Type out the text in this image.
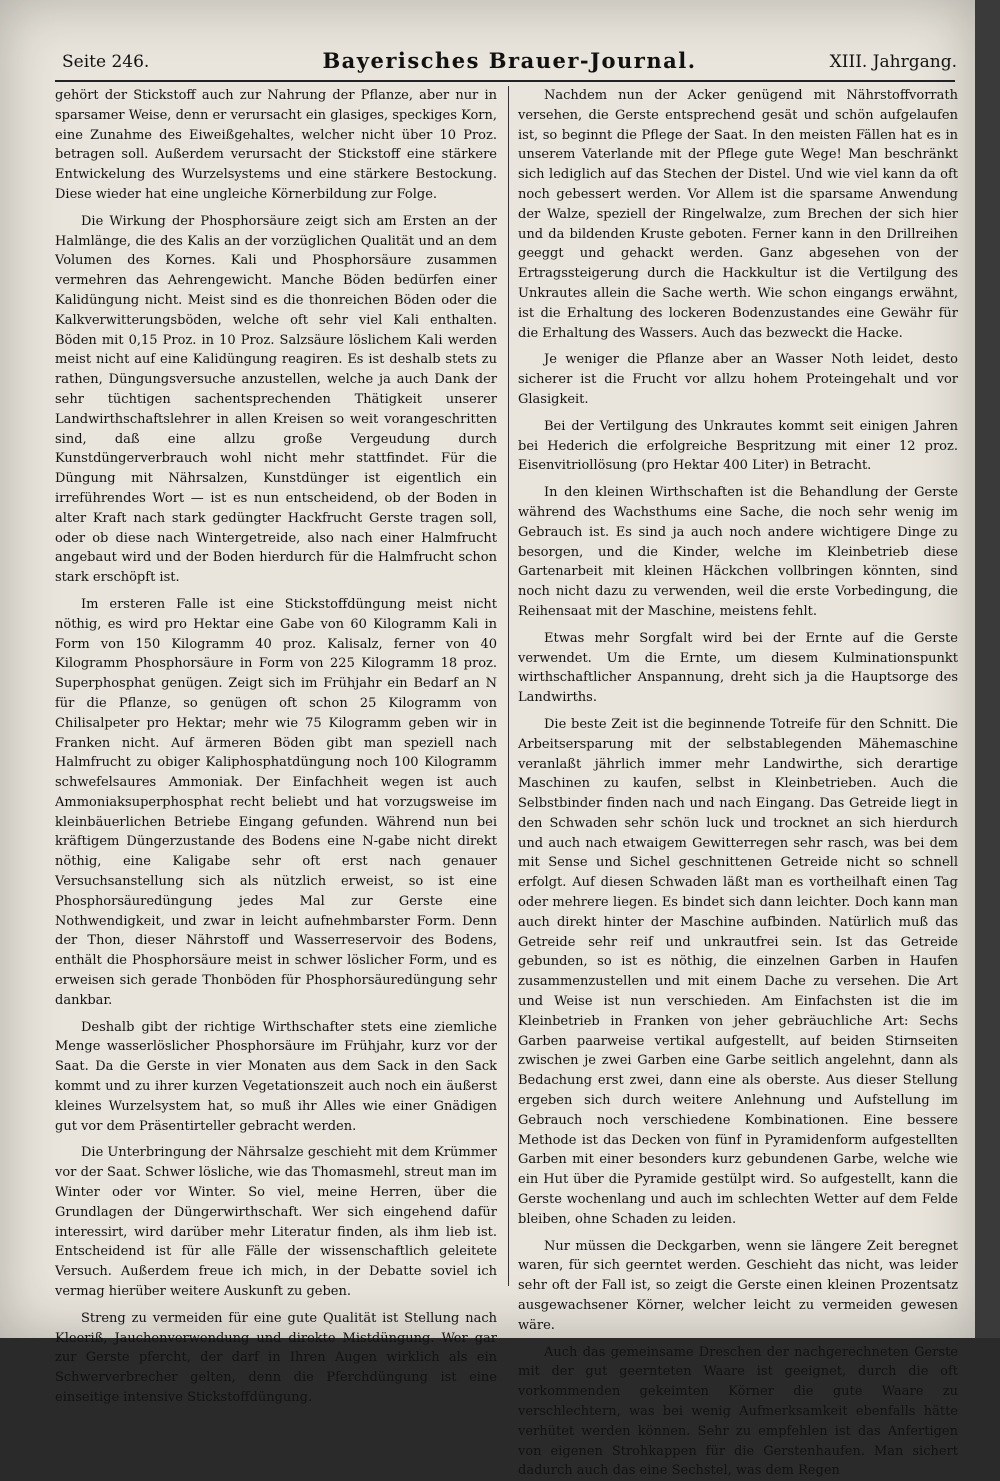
Seite 246.	Bayerisches Brauer-Journal.	XIII. Jahrgang.

gehört der Stickstoff auch zur Nahrung der Pflanze, aber nur in sparsamer Weise, denn er verursacht ein glasiges, speckiges Korn, eine Zunahme des Eiweißgehaltes, welcher nicht über 10 Proz. betragen soll. Außerdem verursacht der Stickstoff eine stärkere Entwickelung des Wurzelsystems und eine stärkere Bestockung. Diese wieder hat eine ungleiche Körnerbildung zur Folge.

Die Wirkung der Phosphorsäure zeigt sich am Ersten an der Halmlänge, die des Kalis an der vorzüglichen Qualität und an dem Volumen des Kornes. Kali und Phosphorsäure zusammen vermehren das Aehrengewicht. Manche Böden bedürfen einer Kalidüngung nicht. Meist sind es die thonreichen Böden oder die Kalkverwitterungsböden, welche oft sehr viel Kali enthalten. Böden mit 0,15 Proz. in 10 Proz. Salzsäure löslichem Kali werden meist nicht auf eine Kalidüngung reagiren. Es ist deshalb stets zu rathen, Düngungsversuche anzustellen, welche ja auch Dank der sehr tüchtigen sachentsprechenden Thätigkeit unserer Landwirthschaftslehrer in allen Kreisen so weit vorangeschritten sind, daß eine allzu große Vergeudung durch Kunstdüngerverbrauch wohl nicht mehr stattfindet. Für die Düngung mit Nährsalzen, Kunstdünger ist eigentlich ein irreführendes Wort — ist es nun entscheidend, ob der Boden in alter Kraft nach stark gedüngter Hackfrucht Gerste tragen soll, oder ob diese nach Wintergetreide, also nach einer Halmfrucht angebaut wird und der Boden hierdurch für die Halmfrucht schon stark erschöpft ist.

Im ersteren Falle ist eine Stickstoffdüngung meist nicht nöthig, es wird pro Hektar eine Gabe von 60 Kilogramm Kali in Form von 150 Kilogramm 40 proz. Kalisalz, ferner von 40 Kilogramm Phosphorsäure in Form von 225 Kilogramm 18 proz. Superphosphat genügen. Zeigt sich im Frühjahr ein Bedarf an N für die Pflanze, so genügen oft schon 25 Kilogramm von Chilisalpeter pro Hektar; mehr wie 75 Kilogramm geben wir in Franken nicht. Auf ärmeren Böden gibt man speziell nach Halmfrucht zu obiger Kaliphosphatdüngung noch 100 Kilogramm schwefelsaures Ammoniak. Der Einfachheit wegen ist auch Ammoniaksuperphosphat recht beliebt und hat vorzugsweise im kleinbäuerlichen Betriebe Eingang gefunden. Während nun bei kräftigem Düngerzustande des Bodens eine N-gabe nicht direkt nöthig, eine Kaligabe sehr oft erst nach genauer Versuchsanstellung sich als nützlich erweist, so ist eine Phosphorsäuredüngung jedes Mal zur Gerste eine Nothwendigkeit, und zwar in leicht aufnehmbarster Form. Denn der Thon, dieser Nährstoff und Wasserreservoir des Bodens, enthält die Phosphorsäure meist in schwer löslicher Form, und es erweisen sich gerade Thonböden für Phosphorsäuredüngung sehr dankbar.

Deshalb gibt der richtige Wirthschafter stets eine ziemliche Menge wasserlöslicher Phosphorsäure im Frühjahr, kurz vor der Saat. Da die Gerste in vier Monaten aus dem Sack in den Sack kommt und zu ihrer kurzen Vegetationszeit auch noch ein äußerst kleines Wurzelsystem hat, so muß ihr Alles wie einer Gnädigen gut vor dem Präsentirteller gebracht werden.

Die Unterbringung der Nährsalze geschieht mit dem Krümmer vor der Saat. Schwer lösliche, wie das Thomasmehl, streut man im Winter oder vor Winter. So viel, meine Herren, über die Grundlagen der Düngerwirthschaft. Wer sich eingehend dafür interessirt, wird darüber mehr Literatur finden, als ihm lieb ist. Entscheidend ist für alle Fälle der wissenschaftlich geleitete Versuch. Außerdem freue ich mich, in der Debatte soviel ich vermag hierüber weitere Auskunft zu geben.

Streng zu vermeiden für eine gute Qualität ist Stellung nach Kleeriß, Jauchenverwendung und direkte Mistdüngung. Wer gar zur Gerste pfercht, der darf in Ihren Augen wirklich als ein Schwerverbrecher gelten, denn die Pferchdüngung ist eine einseitige intensive Stickstoffdüngung.

Nachdem nun der Acker genügend mit Nährstoffvorrath versehen, die Gerste entsprechend gesät und schön aufgelaufen ist, so beginnt die Pflege der Saat. In den meisten Fällen hat es in unserem Vaterlande mit der Pflege gute Wege! Man beschränkt sich lediglich auf das Stechen der Distel. Und wie viel kann da oft noch gebessert werden. Vor Allem ist die sparsame Anwendung der Walze, speziell der Ringelwalze, zum Brechen der sich hier und da bildenden Kruste geboten. Ferner kann in den Drillreihen geeggt und gehackt werden. Ganz abgesehen von der Ertragssteigerung durch die Hackkultur ist die Vertilgung des Unkrautes allein die Sache werth. Wie schon eingangs erwähnt, ist die Erhaltung des lockeren Bodenzustandes eine Gewähr für die Erhaltung des Wassers. Auch das bezweckt die Hacke.

Je weniger die Pflanze aber an Wasser Noth leidet, desto sicherer ist die Frucht vor allzu hohem Proteingehalt und vor Glasigkeit.

Bei der Vertilgung des Unkrautes kommt seit einigen Jahren bei Hederich die erfolgreiche Bespritzung mit einer 12 proz. Eisenvitriollösung (pro Hektar 400 Liter) in Betracht.

In den kleinen Wirthschaften ist die Behandlung der Gerste während des Wachsthums eine Sache, die noch sehr wenig im Gebrauch ist. Es sind ja auch noch andere wichtigere Dinge zu besorgen, und die Kinder, welche im Kleinbetrieb diese Gartenarbeit mit kleinen Häckchen vollbringen könnten, sind noch nicht dazu zu verwenden, weil die erste Vorbedingung, die Reihensaat mit der Maschine, meistens fehlt.

Etwas mehr Sorgfalt wird bei der Ernte auf die Gerste verwendet. Um die Ernte, um diesem Kulminationspunkt wirthschaftlicher Anspannung, dreht sich ja die Hauptsorge des Landwirths.

Die beste Zeit ist die beginnende Totreife für den Schnitt. Die Arbeitsersparung mit der selbstablegenden Mähemaschine veranlaßt jährlich immer mehr Landwirthe, sich derartige Maschinen zu kaufen, selbst in Kleinbetrieben. Auch die Selbstbinder finden nach und nach Eingang. Das Getreide liegt in den Schwaden sehr schön luck und trocknet an sich hierdurch und auch nach etwaigem Gewitterregen sehr rasch, was bei dem mit Sense und Sichel geschnittenen Getreide nicht so schnell erfolgt. Auf diesen Schwaden läßt man es vortheilhaft einen Tag oder mehrere liegen. Es bindet sich dann leichter. Doch kann man auch direkt hinter der Maschine aufbinden. Natürlich muß das Getreide sehr reif und unkrautfrei sein. Ist das Getreide gebunden, so ist es nöthig, die einzelnen Garben in Haufen zusammenzustellen und mit einem Dache zu versehen. Die Art und Weise ist nun verschieden. Am Einfachsten ist die im Kleinbetrieb in Franken von jeher gebräuchliche Art: Sechs Garben paarweise vertikal aufgestellt, auf beiden Stirnseiten zwischen je zwei Garben eine Garbe seitlich angelehnt, dann als Bedachung erst zwei, dann eine als oberste. Aus dieser Stellung ergeben sich durch weitere Anlehnung und Aufstellung im Gebrauch noch verschiedene Kombinationen. Eine bessere Methode ist das Decken von fünf in Pyramidenform aufgestellten Garben mit einer besonders kurz gebundenen Garbe, welche wie ein Hut über die Pyramide gestülpt wird. So aufgestellt, kann die Gerste wochenlang und auch im schlechten Wetter auf dem Felde bleiben, ohne Schaden zu leiden.

Nur müssen die Deckgarben, wenn sie längere Zeit beregnet waren, für sich geerntet werden. Geschieht das nicht, was leider sehr oft der Fall ist, so zeigt die Gerste einen kleinen Prozentsatz ausgewachsener Körner, welcher leicht zu vermeiden gewesen wäre.

Auch das gemeinsame Dreschen der nachgerechneten Gerste mit der gut geernteten Waare ist geeignet, durch die oft vorkommenden gekeimten Körner die gute Waare zu verschlechtern, was bei wenig Aufmerksamkeit ebenfalls hätte verhütet werden können. Sehr zu empfehlen ist das Anfertigen von eigenen Strohkappen für die Gerstenhaufen. Man sichert dadurch auch das eine Sechstel, was dem Regen
